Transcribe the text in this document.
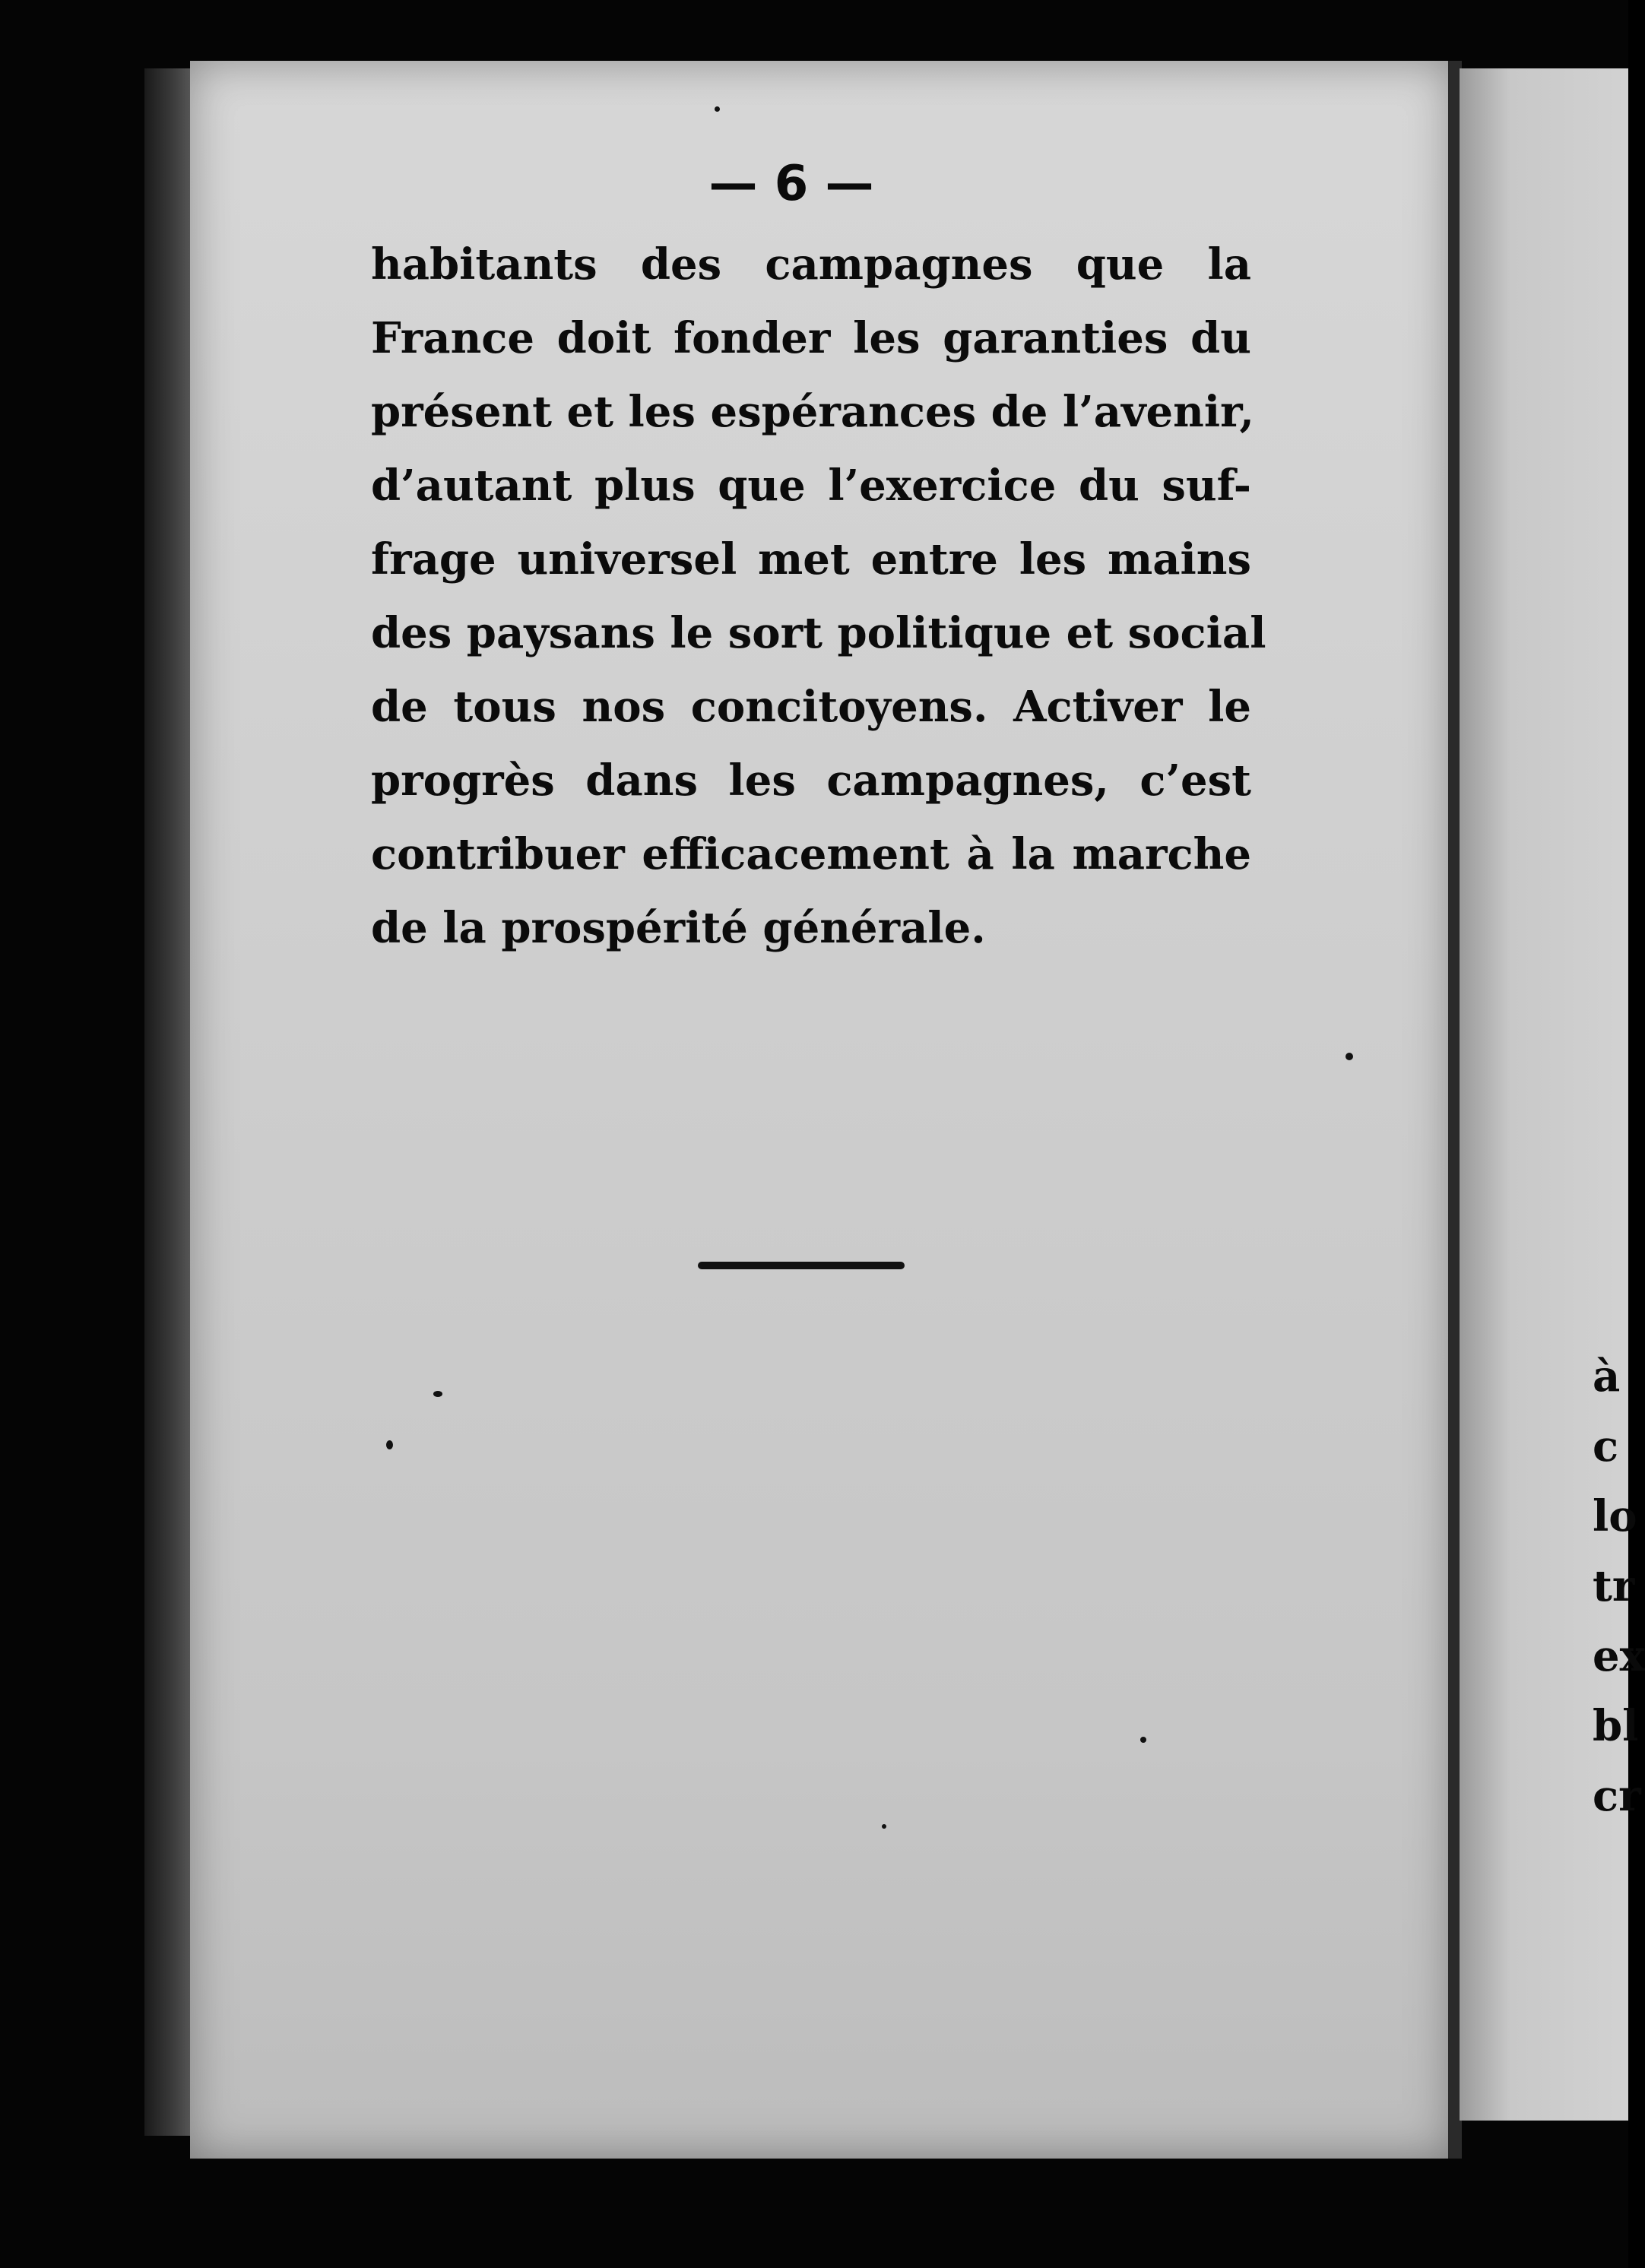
— 6 —
habitants des campagnes que la
France doit fonder les garanties du
présent et les espérances de l’avenir,
d’autant plus que l’exercice du suf-
frage universel met entre les mains
des paysans le sort politique et social
de tous nos concitoyens. Activer le
progrès dans les campagnes, c’est
contribuer efficacement à la marche
de la prospérité générale.
à
c
lo
tr
ex
bl
cr
